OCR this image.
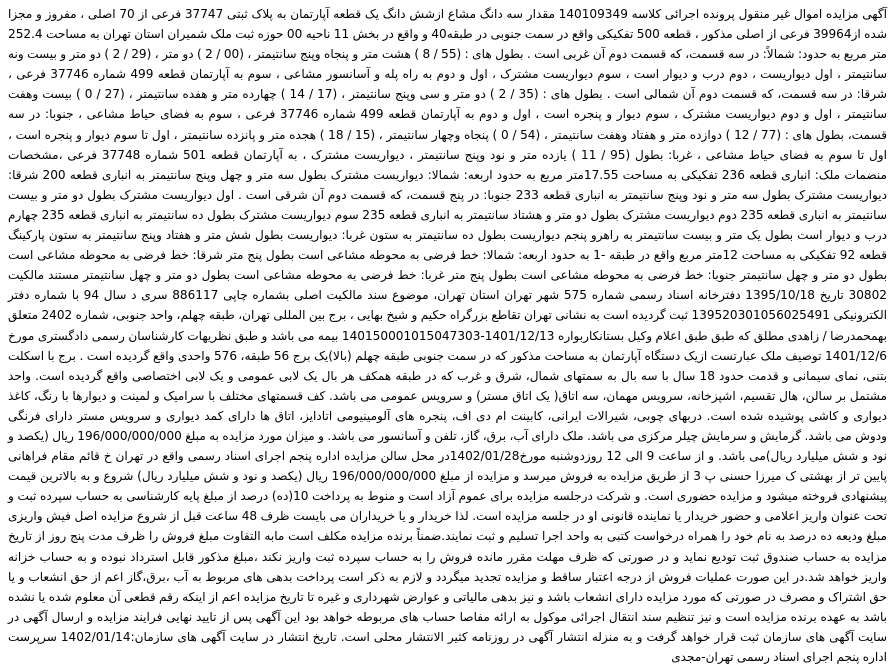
آگهی مزایده اموال غیر منقول پرونده اجرائی کلاسه 140109349 مقدار سه دانگ مشاع ازشش دانگ یک قطعه آپارتمان به پلاک ثبتی 37747 فرعی از 70 اصلی ، مفروز و مجزا شده از39964 فرعی از اصلی مذکور ، قطعه 500 تفکیکی واقع در سمت جنوبی در طبقه40 و واقع در بخش 11 ناحیه 00 حوزه ثبت ملک شمیران استان تهران به مساحت 252.4 متر مربع به حدود: شمالاً: در سه قسمت، که قسمت دوم آن غربی است . بطول های : (55 / 8 ) هشت متر و پنجاه وپنج سانتیمتر ، (00 / 2 ) دو متر ، (29 / 2 ) دو متر و بیست ونه سانتیمتر ، اول دیواریست ، دوم درب و دیوار است ، سوم دیواریست مشترک ، اول و دوم به راه پله و آسانسور مشاعی ، سوم به آپارتمان قطعه 499 شماره 37746 فرعی ، شرقا: در سه قسمت، که قسمت دوم آن شمالی است . بطول های : (35 / 2 ) دو متر و سی وپنج سانتیمتر ، (17 / 14 ) چهارده متر و هفده سانتیمتر ، (27 / 0 ) بیست وهفت سانتیمتر ، اول و دوم دیواریست مشترک ، سوم دیوار و پنجره است ، اول و دوم به آپارتمان قطعه 499 شماره 37746 فرعی ، سوم به فضای حیاط مشاعی ، جنوبا: در سه قسمت، بطول های : (77 / 12 ) دوازده متر و هفتاد وهفت سانتیمتر ، (54 / 0 ) پنجاه وچهار سانتیمتر ، (15 / 18 ) هجده متر و پانزده سانتیمتر ، اول تا سوم دیوار و پنجره است ، اول تا سوم به فضای حیاط مشاعی ، غربا: بطول (95 / 11 ) یازده متر و نود وپنج سانتیمتر ، دیواریست مشترک ، به آپارتمان قطعه 501 شماره 37748 فرعی ،مشخصات منضمات ملک: انباری قطعه 236 تفکیکی به مساحت 17.55متر مربع به حدود اربعه: شمالا: دیواریست مشترک بطول سه متر و چهل وپنج سانتیمتر به انباری قطعه 200 شرقا: دیواریست مشترک بطول سه متر و نود وپنج سانتیمتر به انباری قطعه 233 جنوبا: در پنج قسمت، که قسمت دوم آن شرقی است . اول دیواریست مشترک بطول دو متر و بیست سانتیمتر به انباری قطعه 235 دوم دیواریست مشترک بطول دو متر و هشتاد سانتیمتر به انباری قطعه 235 سوم دیواریست مشترک بطول ده سانتیمتر به انباری قطعه 235 چهارم درب و دیوار است بطول یک متر و بیست سانتیمتر به راهرو پنجم دیواریست بطول ده سانتیمتر به ستون غربا: دیواریست بطول شش متر و هفتاد وپنج سانتیمتر به ستون پارکینگ قطعه 92 تفکیکی به مساحت 12متر مربع واقع در طبقه -1 به حدود اربعه: شمالا: خط فرضی به محوطه مشاعی است بطول پنج متر شرقا: خط فرضی به محوطه مشاعی است بطول دو متر و چهل سانتیمتر جنوبا: خط فرضی به محوطه مشاعی است بطول پنج متر غربا: خط فرضی به محوطه مشاعی است بطول دو متر و چهل سانتیمتر مستند مالکیت 30802 تاریخ 1395/10/18 دفترخانه اسناد رسمی شماره 575 شهر تهران استان تهران، موضوع سند مالکیت اصلی بشماره چاپی 886117 سری د سال 94 با شماره دفتر الکترونیکی 139520301056025491 ثبت گردیده است به نشانی تهران تقاطع بزرگراه حکیم و شیخ بهایی ، برج بین المللی تهران، طبقه چهلم، واحد جنوبی، شماره 2402 متعلق بهمحمدرضا / زاهدی مطلق که طبق طبق اعلام وکیل بستانکاربواره 1401/12/13-140150001015047303 بیمه می باشد و طبق نظریهات کارشناسان رسمی دادگستری مورخ 1401/12/6 توصیف ملک عبارتست ازیک دستگاه آپارتمان به مساحت مذکور که در سمت جنوبی طبقه چهلم (بالا)یک برج 56 طبقه، 576 واحدی واقع گردیده است . برج با اسکلت بتنی، نمای سیمانی و قدمت حدود 18 سال با سه بال به سمتهای شمال، شرق و غرب که در طبقه همکف هر بال یک لابی عمومی و یک لابی اختصاصی واقع گردیده است. واحد مشتمل بر سالن، هال تقسیم، اشپزخانه، سرویس مهمان، سه اتاق( یک اتاق مستر) و سرویس عمومی می باشد. کف قسمتهای مختلف با سرامیک و لمینت و دیوارها با رنگ، کاغذ دیواری و کاشی پوشیده شده است. دربهای چوبی، شیرالات ایرانی، کابینت ام دی اف، پنجره های آلومینیومی اتادایز، اتاق ها دارای کمد دیواری و سرویس مستر دارای فرنگی ودوش می باشد. گرمایش و سرمایش چیلر مرکزی می باشد. ملک دارای آب، برق، گاز، تلفن و آسانسور می باشد. و میزان مورد مزایده به مبلغ 196/000/000/000 ریال (یکصد و نود و شش میلیارد ریال)می باشد. و از ساعت 9 الی 12 روزدوشنبه مورخ1402/01/28در محل سالن مزایده اداره پنجم اجرای اسناد رسمی واقع در تهران خ قائم مقام فراهانی پایین تر از بهشتی ک میرزا حسنی پ 3 از طریق مزایده به فروش میرسد و مزایده از مبلغ 196/000/000/000 ریال (یکصد و نود و شش میلیارد ریال) شروع و به بالاترین قیمت پیشنهادی فروخته میشود و مزایده حضوری است. و شرکت درجلسه مزایده برای عموم آزاد است و منوط به پرداخت 10(ده) درصد از مبلغ پایه کارشناسی به حساب سپرده ثبت و تحت عنوان واریز اعلامی و حضور خریدار یا نماینده قانونی او در جلسه مزایده است. لذا خریدار و یا خریداران می بایست ظرف 48 ساعت قبل از شروع مزایده اصل فیش واریزی مبلغ ودیعه ده درصد به نام خود را همراه درخواست کتبی به واحد اجرا تسلیم و ثبت نمایند.ضمناً برنده مزایده مکلف است مابه التفاوت مبلغ فروش را ظرف مدت پنج روز از تاریخ مزایده به حساب صندوق ثبت تودیع نماید و در صورتی که ظرف مهلت مقرر مانده فروش را به حساب سپرده ثبت واریز نکند ،مبلغ مذکور قابل استرداد نبوده و به حساب خزانه واریز خواهد شد.در این صورت عملیات فروش از درجه اعتبار ساقط و مزایده تجدید میگردد و لازم به ذکر است پرداخت بدهی های مربوط به آب ،برق،گاز اعم از حق انشعاب و یا حق اشتراک و مصرف در صورتی که مورد مزایده دارای انشعاب باشد و نیز بدهی مالیاتی و عوارض شهرداری و غیره تا تاریخ مزایده اعم از اینکه رقم قطعی آن معلوم شده یا نشده باشد به عهده برنده مزایده است و نیز تنظیم سند انتقال اجرائی موکول به ارائه مفاصا حساب های مربوطه خواهد بود این آگهی پس از تایید نهایی فرایند مزایده و ارسال آگهی در سایت آگهی های سازمان ثبت قرار خواهد گرفت و به منزله انتشار آگهی در روزنامه کثیر الانتشار محلی است. تاریخ انتشار در سایت آگهی های سازمان:1402/01/14 سرپرست اداره پنجم اجرای اسناد رسمی تهران-مجدی
